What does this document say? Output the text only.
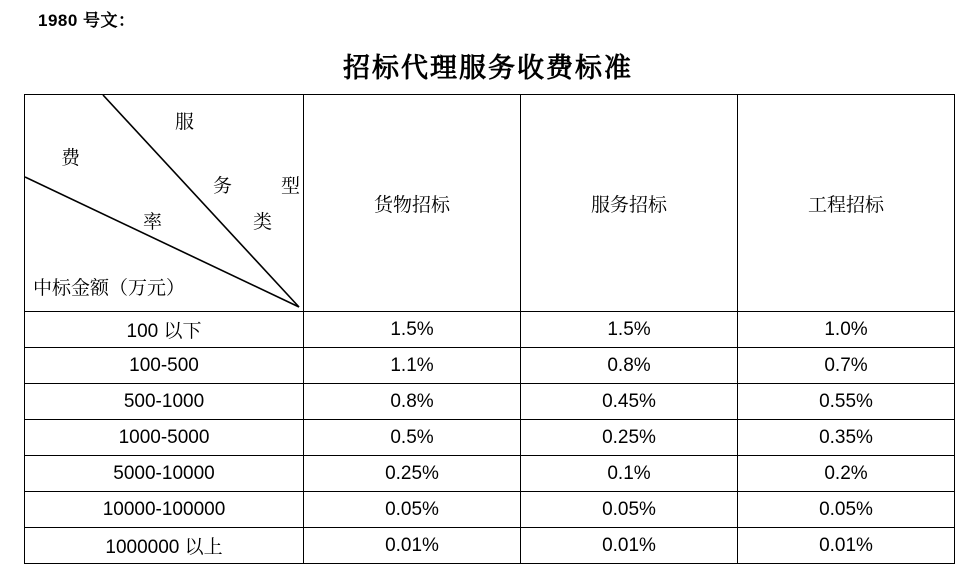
1980 号文：
招标代理服务收费标准
费
率
服
务
类
型
中标金额（万元）
	货物招标	服务招标	工程招标
100 以下	1.5%	1.5%	1.0%
100-500	1.1%	0.8%	0.7%
500-1000	0.8%	0.45%	0.55%
1000-5000	0.5%	0.25%	0.35%
5000-10000	0.25%	0.1%	0.2%
10000-100000	0.05%	0.05%	0.05%
1000000 以上	0.01%	0.01%	0.01%
